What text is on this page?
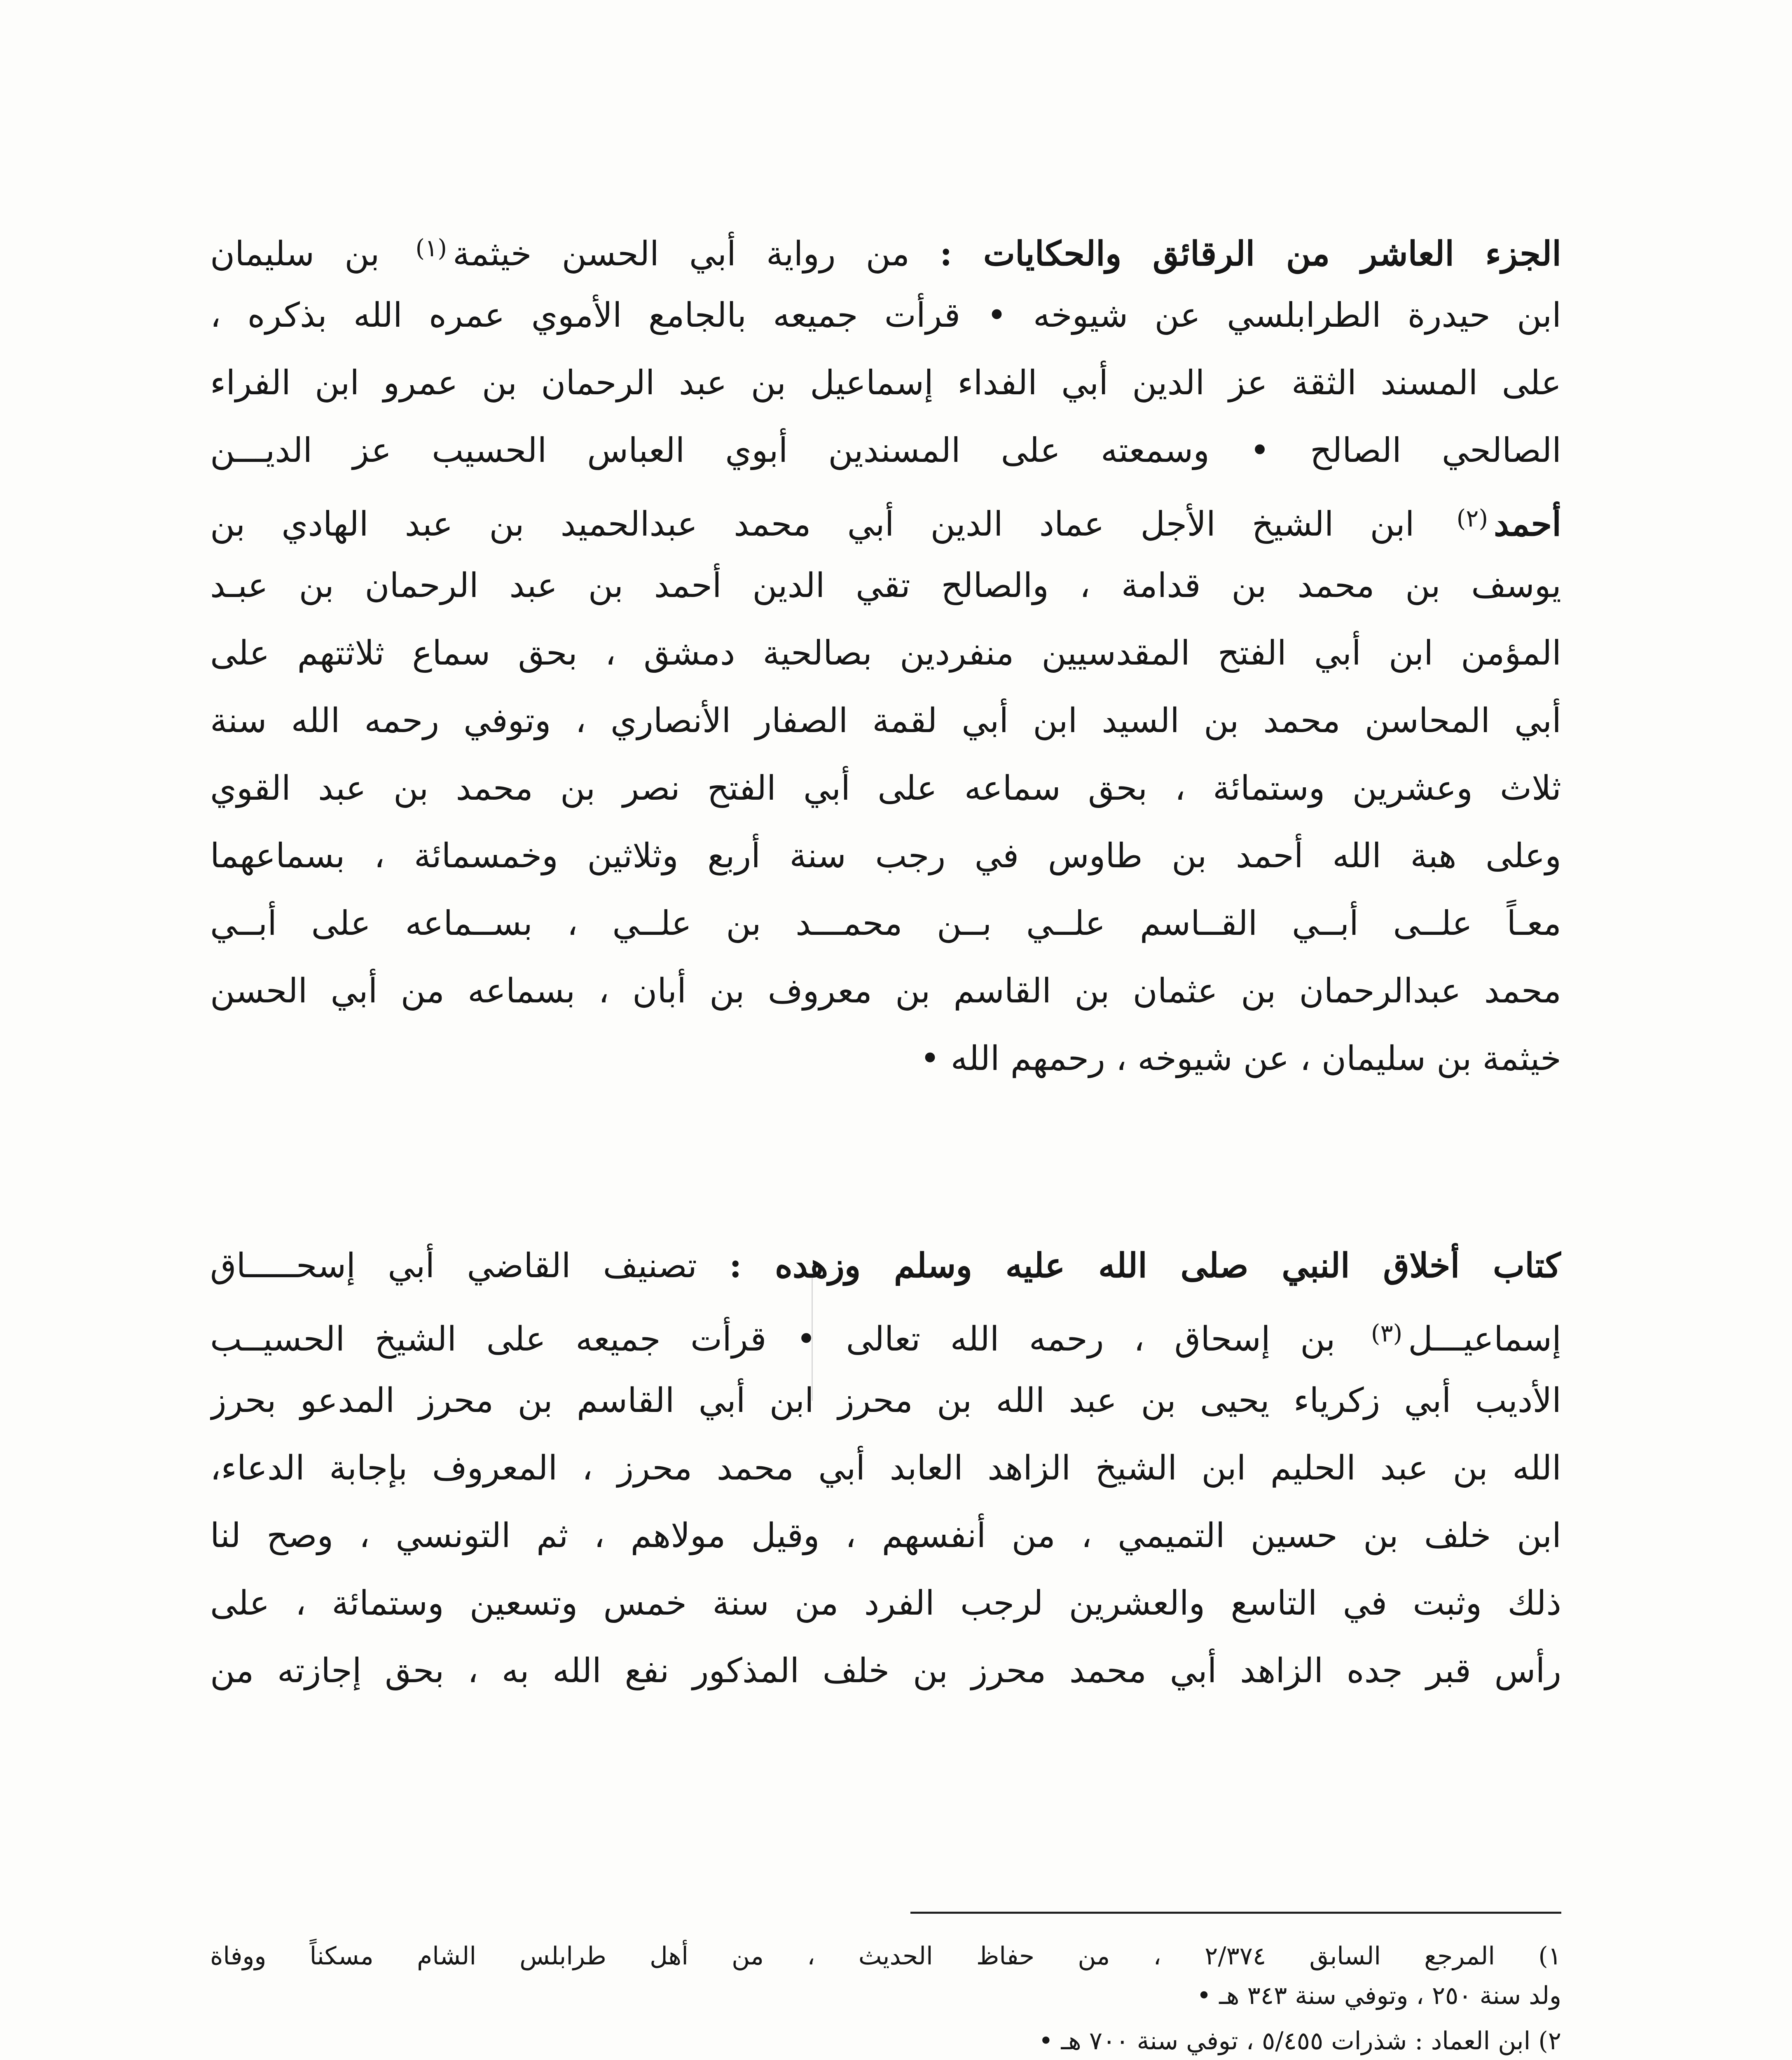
الجزء العاشر من الرقائق والحكايات : من رواية أبي الحسن خيثمة$^{(١)}$ بن سليمان
ابن حيدرة الطرابلسي عن شيوخه • قرأت جميعه بالجامع الأموي عمره الله بذكره ،
على المسند الثقة عز الدين أبي الفداء إسماعيل بن عبد الرحمان بن عمرو ابن الفراء
الصالحي الصالح • وسمعته على المسندين أبوي العباس الحسيب عز الديـــن
أحمد$^{(٢)}$ ابن الشيخ الأجل عماد الدين أبي محمد عبدالحميد بن عبد الهادي بن
يوسف بن محمد بن قدامة ، والصالح تقي الدين أحمد بن عبد الرحمان بن عبـد
المؤمن ابن أبي الفتح المقدسيين منفردين بصالحية دمشق ، بحق سماع ثلاثتهم على
أبي المحاسن محمد بن السيد ابن أبي لقمة الصفار الأنصاري ، وتوفي رحمه الله سنة
ثلاث وعشرين وستمائة ، بحق سماعه على أبي الفتح نصر بن محمد بن عبد القوي
وعلى هبة الله أحمد بن طاوس في رجب سنة أربع وثلاثين وخمسمائة ، بسماعهما
معـاً علــى أبــي القــاسم علــي بــن محمـــد بن علــي ، بســماعه على أبــي
محمد عبدالرحمان بن عثمان بن القاسم بن معروف بن أبان ، بسماعه من أبي الحسن
خيثمة بن سليمان ، عن شيوخه ، رحمهم الله •
كتاب أخلاق النبي صلى الله عليه وسلم وزهده : تصنيف القاضي أبي إسحـــــاق
إسماعيـــل$^{(٣)}$ بن إسحاق ، رحمه الله تعالى • قرأت جميعه على الشيخ الحسيــب
الأديب أبي زكرياء يحيى بن عبد الله بن محرز ابن أبي القاسم بن محرز المدعو بحرز
الله بن عبد الحليم ابن الشيخ الزاهد العابد أبي محمد محرز ، المعروف بإجابة الدعاء،
ابن خلف بن حسين التميمي ، من أنفسهم ، وقيل مولاهم ، ثم التونسي ، وصح لنا
ذلك وثبت في التاسع والعشرين لرجب الفرد من سنة خمس وتسعين وستمائة ، على
رأس قبر جده الزاهد أبي محمد محرز بن خلف المذكور نفع الله به ، بحق إجازته من
١) المرجع السابق ٢/٣٧٤ ، من حفاظ الحديث ، من أهل طرابلس الشام مسكناً ووفاة
ولد سنة ٢٥٠ ، وتوفي سنة ٣٤٣ هـ •
٢) ابن العماد : شذرات ٥/٤٥٥ ، توفي سنة ٧٠٠ هـ •
